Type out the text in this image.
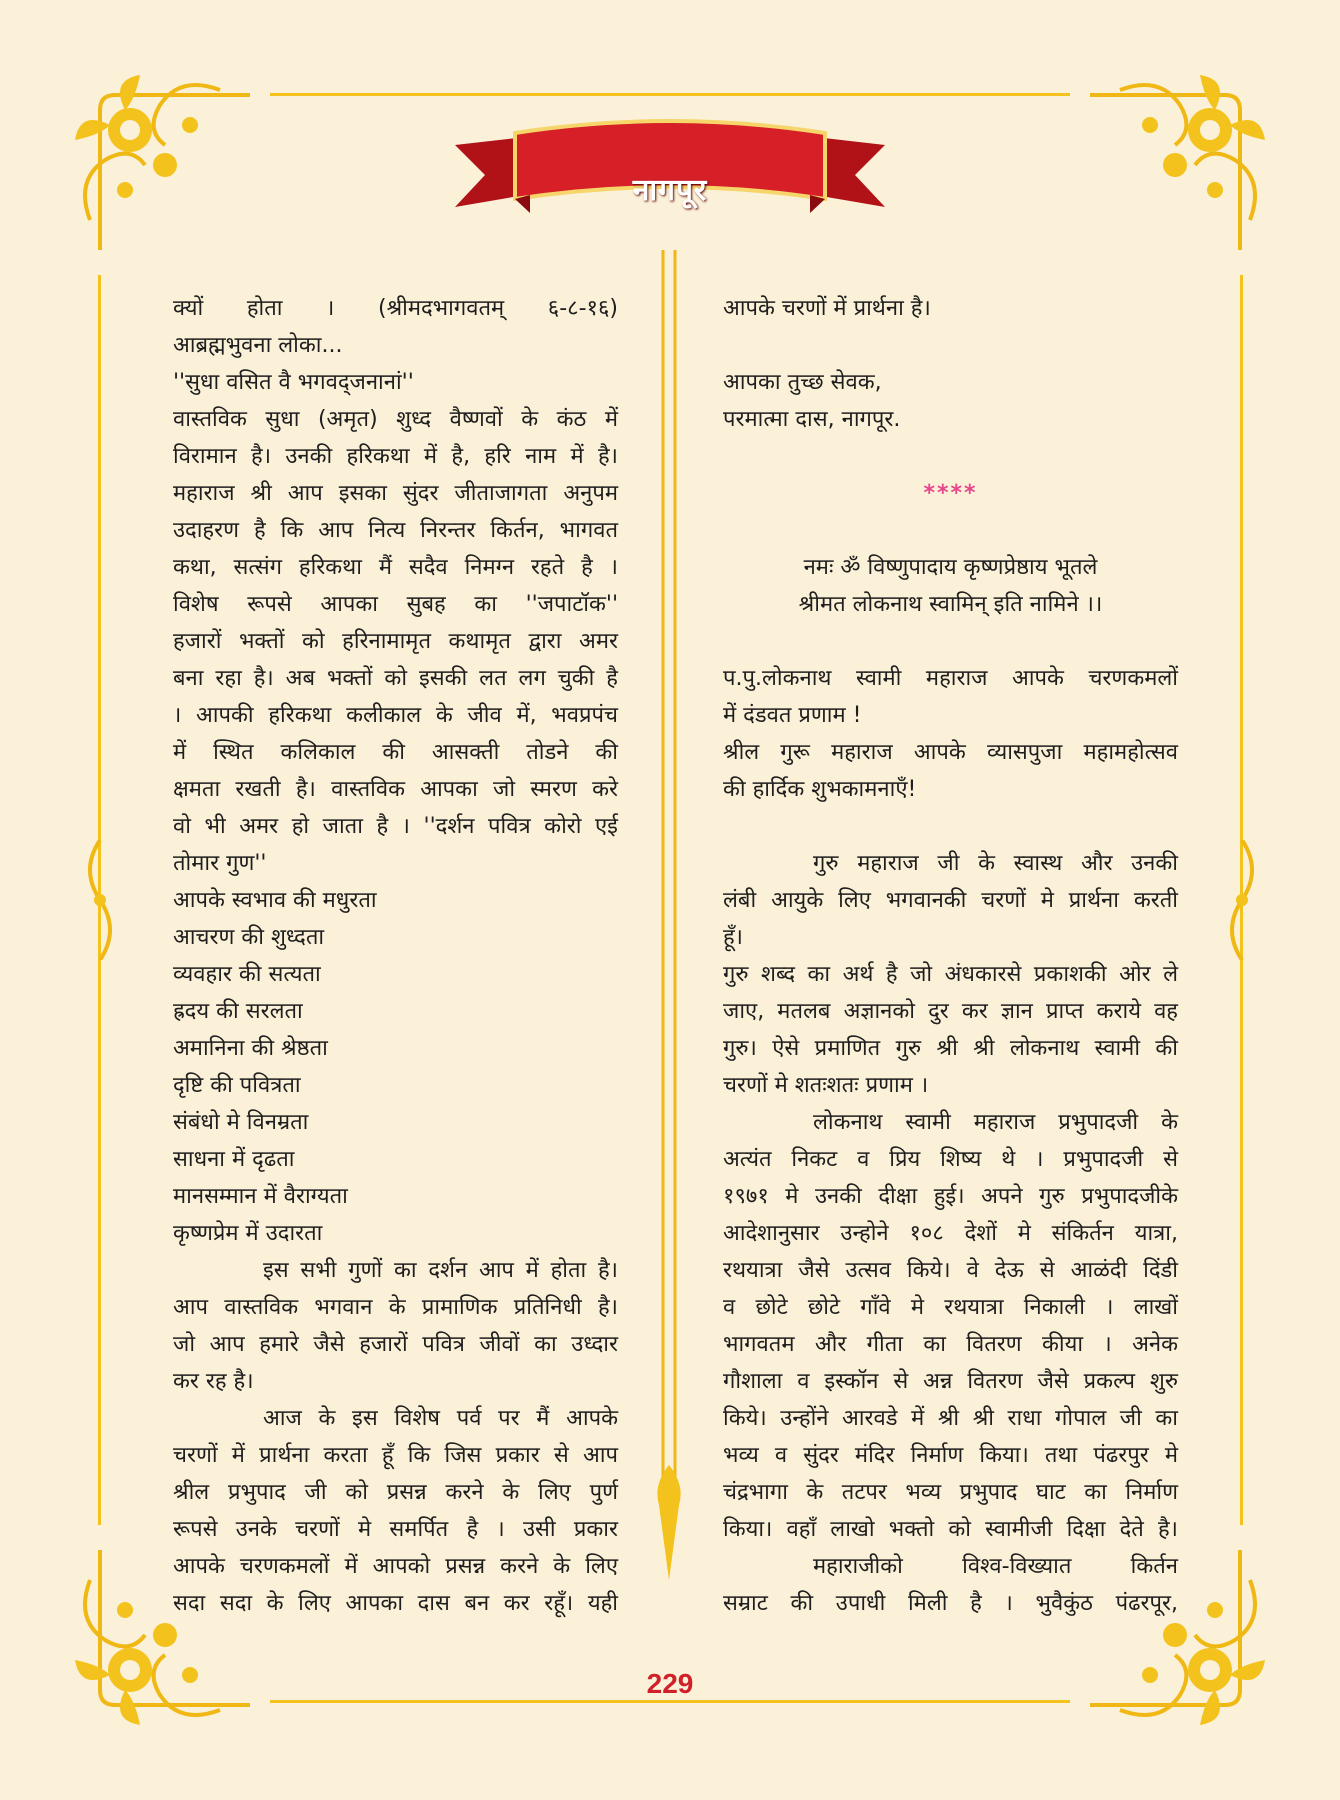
नागपूर

क्यों होता । (श्रीमदभागवतम् ६-८-१६)

आब्रह्मभुवना लोका...

''सुधा वसित वै भगवद्जनानां''

वास्तविक सुधा (अमृत) शुध्द वैष्णवों के कंठ में

विरामान है। उनकी हरिकथा में है, हरि नाम में है।

महाराज श्री आप इसका सुंदर जीताजागता अनुपम

उदाहरण है कि आप नित्य निरन्तर किर्तन, भागवत

कथा, सत्संग हरिकथा मैं सदैव निमग्न रहते है ।

विशेष रूपसे आपका सुबह का ''जपाटॉक''

हजारों भक्तों को हरिनामामृत कथामृत द्वारा अमर

बना रहा है। अब भक्तों को इसकी लत लग चुकी है

। आपकी हरिकथा कलीकाल के जीव में, भवप्रपंच

में स्थित कलिकाल की आसक्ती तोडने की

क्षमता रखती है। वास्तविक आपका जो स्मरण करे

वो भी अमर हो जाता है । ''दर्शन पवित्र कोरो एई

तोमार गुण''

आपके स्वभाव की मधुरता

आचरण की शुध्दता

व्यवहार की सत्यता

ह्रदय की सरलता

अमानिना की श्रेष्ठता

दृष्टि की पवित्रता

संबंधो मे विनम्रता

साधना में दृढता

मानसम्मान में वैराग्यता

कृष्णप्रेम में उदारता

इस सभी गुणों का दर्शन आप में होता है।

आप वास्तविक भगवान के प्रामाणिक प्रतिनिधी है।

जो आप हमारे जैसे हजारों पवित्र जीवों का उध्दार

कर रह है।

आज के इस विशेष पर्व पर मैं आपके

चरणों में प्रार्थना करता हूँ कि जिस प्रकार से आप

श्रील प्रभुपाद जी को प्रसन्न करने के लिए पुर्ण

रूपसे उनके चरणों मे समर्पित है । उसी प्रकार

आपके चरणकमलों में आपको प्रसन्न करने के लिए

सदा सदा के लिए आपका दास बन कर रहूँ। यही

आपके चरणों में प्रार्थना है।

आपका तुच्छ सेवक,

परमात्मा दास, नागपूर.

****

नमः ॐ विष्णुपादाय कृष्णप्रेष्ठाय भूतले

श्रीमत लोकनाथ स्वामिन् इति नामिने ।।

प.पु.लोकनाथ स्वामी महाराज आपके चरणकमलों

में दंडवत प्रणाम !

श्रील गुरू महाराज आपके व्यासपुजा महामहोत्सव

की हार्दिक शुभकामनाएँ!

गुरु महाराज जी के स्वास्थ और उनकी

लंबी आयुके लिए भगवानकी चरणों मे प्रार्थना करती

हूँ।

गुरु शब्द का अर्थ है जो अंधकारसे प्रकाशकी ओर ले

जाए, मतलब अज्ञानको दुर कर ज्ञान प्राप्त कराये वह

गुरु। ऐसे प्रमाणित गुरु श्री श्री लोकनाथ स्वामी की

चरणों मे शतःशतः प्रणाम ।

लोकनाथ स्वामी महाराज प्रभुपादजी के

अत्यंत निकट व प्रिय शिष्य थे । प्रभुपादजी से

१९७१ मे उनकी दीक्षा हुई। अपने गुरु प्रभुपादजीके

आदेशानुसार उन्होने १०८ देशों मे संकिर्तन यात्रा,

रथयात्रा जैसे उत्सव किये। वे देऊ से आळंदी दिंडी

व छोटे छोटे गाँवे मे रथयात्रा निकाली । लाखों

भागवतम और गीता का वितरण कीया । अनेक

गौशाला व इस्कॉन से अन्न वितरण जैसे प्रकल्प शुरु

किये। उन्होंने आरवडे में श्री श्री राधा गोपाल जी का

भव्य व सुंदर मंदिर निर्माण किया। तथा पंढरपुर मे

चंद्रभागा के तटपर भव्य प्रभुपाद घाट का निर्माण

किया। वहाँ लाखो भक्तो को स्वामीजी दिक्षा देते है।

महाराजीको विश्व-विख्यात किर्तन

सम्राट की उपाधी मिली है । भुवैकुंठ पंढरपूर,

229
